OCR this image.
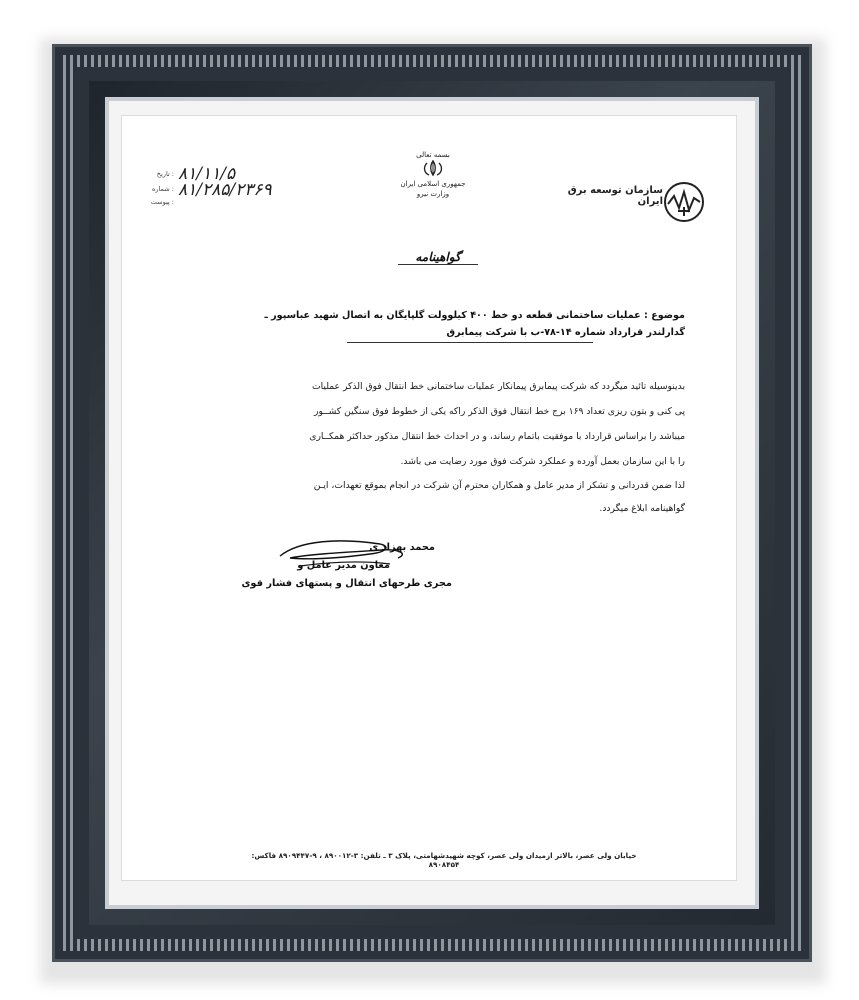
سازمان توسعه برق ایران
بسمه تعالی
جمهوری اسلامی ایران
وزارت نیرو
۸۱/۱۱/۵
: تاریخ
۸۱/۲۸۵/۲۳۶۹
: شماره
: پیوست
گواهینامه
موضوع : عملیات ساختمانی قطعه دو خط ۴۰۰ کیلوولت گلپایگان به اتصال شهید عباسپور ـ
گدارلندر قرارداد شماره ۱۴-۷۸-ب با شرکت پیمابرق
بدینوسیله تائید میگردد که شرکت پیمابرق پیمانکار عملیات ساختمانی خط انتقال فوق الذکر عملیات
پی کنی و بتون ریزی تعداد ۱۶۹ برج خط انتقال فوق الذکر راکه یکی از خطوط فوق سنگین کشــور
میباشد را براساس قرارداد با موفقیت باتمام رساند، و در احداث خط انتقال مذکور حداکثر همکــاری
را با این سازمان بعمل آورده و عملکرد شرکت فوق مورد رضایت می باشد.
لذا ضمن قدردانی و تشکر از مدیر عامل و همکاران محترم آن شرکت در انجام بموقع تعهدات، ایـن
گواهینامه ابلاغ میگردد.
محمد بهزاد ی
معاون مدیر عامل و
مجری طرحهای انتقال و پستهای فشار قوی
خیابان ولی عصر، بالاتر ازمیدان ولی عصر، کوچه شهیدشهامتی، پلاک ۳ ـ تلفن: ۳-۸۹۰۰۱۲ ، ۹-۸۹۰۹۴۴۷ فاکس: ۸۹۰۸۴۵۴
